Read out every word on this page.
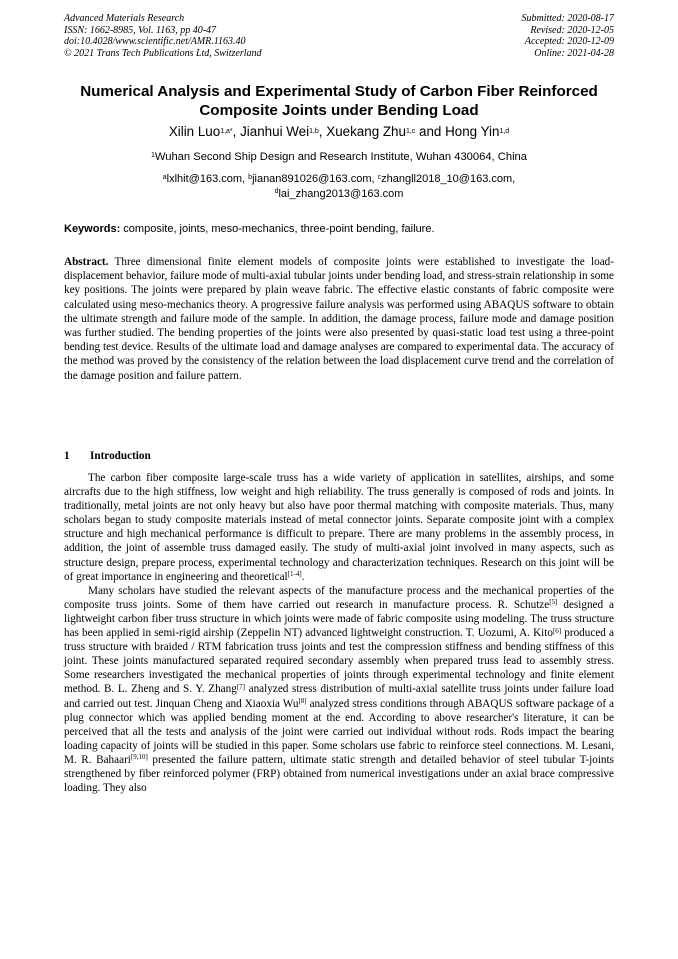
Advanced Materials Research
ISSN: 1662-8985, Vol. 1163, pp 40-47
doi:10.4028/www.scientific.net/AMR.1163.40
© 2021 Trans Tech Publications Ltd, Switzerland
Submitted: 2020-08-17
Revised: 2020-12-05
Accepted: 2020-12-09
Online: 2021-04-28
Numerical Analysis and Experimental Study of Carbon Fiber Reinforced
Composite Joints under Bending Load
Xilin Luo$^{1,a*}$, Jianhui Wei$^{1,b}$, Xuekang Zhu$^{1,c}$ and Hong Yin$^{1,d}$
$^1$Wuhan Second Ship Design and Research Institute, Wuhan 430064, China
$^a$lxlhit@163.com, $^b$jianan891026@163.com, $^c$zhangll2018_10@163.com,
$^d$lai_zhang2013@163.com
Keywords: composite, joints, meso-mechanics, three-point bending, failure.
Abstract. Three dimensional finite element models of composite joints were established to investigate the load-displacement behavior, failure mode of multi-axial tubular joints under bending load, and stress-strain relationship in some key positions. The joints were prepared by plain weave fabric. The effective elastic constants of fabric composite were calculated using meso-mechanics theory. A progressive failure analysis was performed using ABAQUS software to obtain the ultimate strength and failure mode of the sample. In addition, the damage process, failure mode and damage position was further studied. The bending properties of the joints were also presented by quasi-static load test using a three-point bending test device. Results of the ultimate load and damage analyses are compared to experimental data. The accuracy of the method was proved by the consistency of the relation between the load displacement curve trend and the correlation of the damage position and failure pattern.
1 Introduction

The carbon fiber composite large-scale truss has a wide variety of application in satellites, airships, and some aircrafts due to the high stiffness, low weight and high reliability. The truss generally is composed of rods and joints. In traditionally, metal joints are not only heavy but also have poor thermal matching with composite materials. Thus, many scholars began to study composite materials instead of metal connector joints. Separate composite joint with a complex structure and high mechanical performance is difficult to prepare. There are many problems in the assembly process, in addition, the joint of assemble truss damaged easily. The study of multi-axial joint involved in many aspects, such as structure design, prepare process, experimental technology and characterization techniques. Research on this joint will be of great importance in engineering and theoretical[1-4].

Many scholars have studied the relevant aspects of the manufacture process and the mechanical properties of the composite truss joints. Some of them have carried out research in manufacture process. R. Schutze[5] designed a lightweight carbon fiber truss structure in which joints were made of fabric composite using modeling. The truss structure has been applied in semi-rigid airship (Zeppelin NT) advanced lightweight construction. T. Uozumi, A. Kito[6] produced a truss structure with braided / RTM fabrication truss joints and test the compression stiffness and bending stiffness of this joint. These joints manufactured separated required secondary assembly when prepared truss lead to assembly stress. Some researchers investigated the mechanical properties of joints through experimental technology and finite element method. B. L. Zheng and S. Y. Zhang[7] analyzed stress distribution of multi-axial satellite truss joints under failure load and carried out test. Jinquan Cheng and Xiaoxia Wu[8] analyzed stress conditions through ABAQUS software package of a plug connector which was applied bending moment at the end. According to above researcher's literature, it can be perceived that all the tests and analysis of the joint were carried out individual without rods. Rods impact the bearing loading capacity of joints will be studied in this paper. Some scholars use fabric to reinforce steel connections. M. Lesani, M. R. Bahaari[9,10] presented the failure pattern, ultimate static strength and detailed behavior of steel tubular T-joints strengthened by fiber reinforced polymer (FRP) obtained from numerical investigations under an axial brace compressive loading. They also
